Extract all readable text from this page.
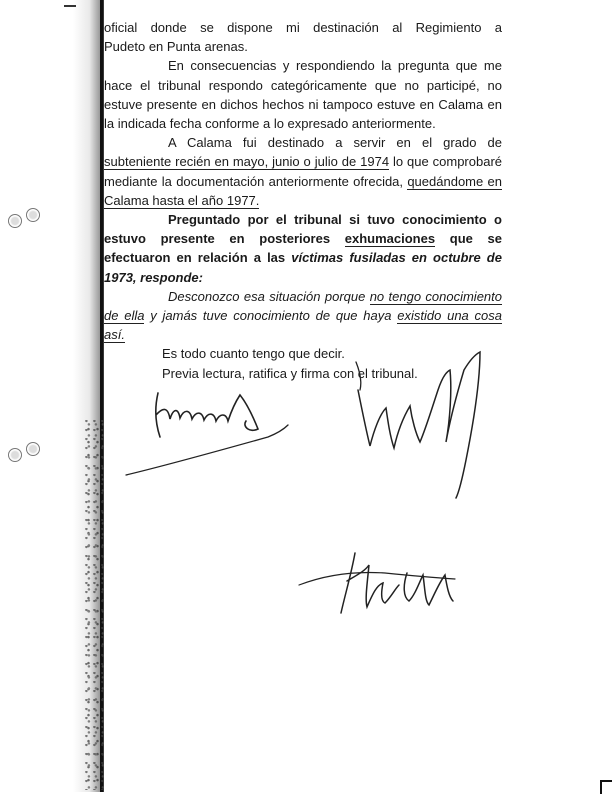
oficial donde se dispone mi destinación al Regimiento a

Pudeto en Punta arenas.

En consecuencias y respondiendo la pregunta que me hace el tribunal respondo categóricamente que no participé, no estuve presente en dichos hechos ni tampoco estuve en Calama en la indicada fecha conforme a lo expresado anteriormente.

A Calama fui destinado a servir en el grado de subteniente recién en mayo, junio o julio de 1974 lo que comprobaré mediante la documentación anteriormente ofrecida, quedándome en Calama hasta el año 1977.

Preguntado por el tribunal si tuvo conocimiento o estuvo presente en posteriores exhumaciones que se efectuaron en relación a las víctimas fusiladas en octubre de 1973, responde:

Desconozco esa situación porque no tengo conocimiento de ella y jamás tuve conocimiento de que haya existido una cosa así.

Es todo cuanto tengo que decir.

Previa lectura, ratifica y firma con el tribunal.
